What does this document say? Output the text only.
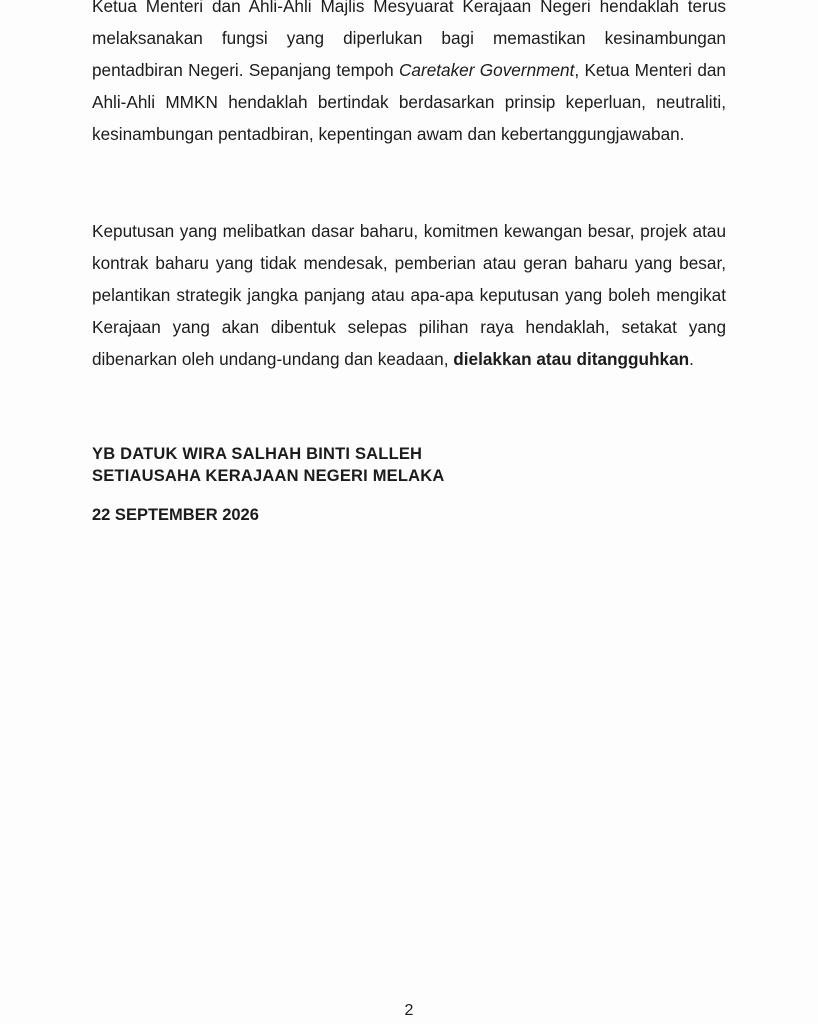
Ketua Menteri dan Ahli-Ahli Majlis Mesyuarat Kerajaan Negeri hendaklah terus melaksanakan fungsi yang diperlukan bagi memastikan kesinambungan pentadbiran Negeri. Sepanjang tempoh Caretaker Government, Ketua Menteri dan Ahli-Ahli MMKN hendaklah bertindak berdasarkan prinsip keperluan, neutraliti, kesinambungan pentadbiran, kepentingan awam dan kebertanggungjawaban.

Keputusan yang melibatkan dasar baharu, komitmen kewangan besar, projek atau kontrak baharu yang tidak mendesak, pemberian atau geran baharu yang besar, pelantikan strategik jangka panjang atau apa-apa keputusan yang boleh mengikat Kerajaan yang akan dibentuk selepas pilihan raya hendaklah, setakat yang dibenarkan oleh undang-undang dan keadaan, dielakkan atau ditangguhkan.

YB DATUK WIRA SALHAH BINTI SALLEH
SETIAUSAHA KERAJAAN NEGERI MELAKA
22 SEPTEMBER 2026
2
